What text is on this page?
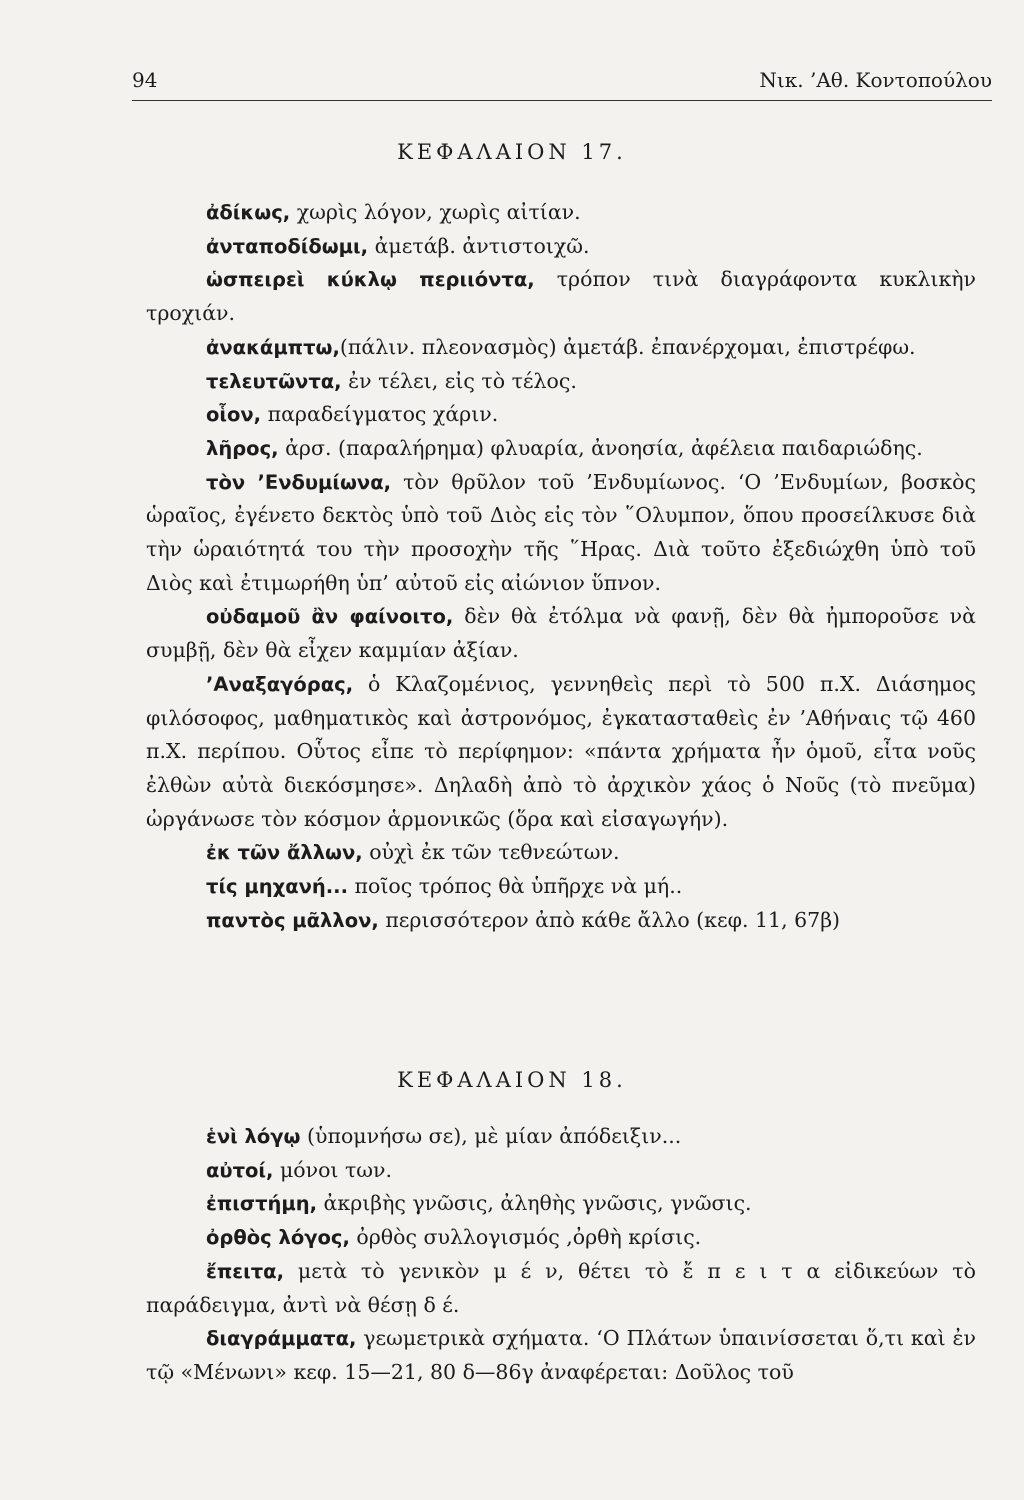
94	Νικ. ’Αθ. Κοντοπούλου
ΚΕΦΑΛΑΙΟΝ 17.
ἀδίκως, χωρὶς λόγον, χωρὶς αἰτίαν.
ἀνταποδίδωμι, ἀμετάβ. ἀντιστοιχῶ.
ὡσπειρεὶ κύκλῳ περιιόντα, τρόπον τινὰ διαγράφοντα κυκλικὴν τροχιάν.
ἀνακάμπτω,(πάλιν. πλεονασμὸς) ἀμετάβ. ἐπανέρχομαι, ἐπιστρέφω.
τελευτῶντα, ἐν τέλει, εἰς τὸ τέλος.
οἷον, παραδείγματος χάριν.
λῆρος, ἀρσ. (παραλήρημα) φλυαρία, ἀνοησία, ἀφέλεια παιδαριώδης.
τὸν ’Ενδυμίωνα, τὸν θρῦλον τοῦ ’Ενδυμίωνος. ‘Ο ’Ενδυμίων, βοσκὸς ὡραῖος, ἐγένετο δεκτὸς ὑπὸ τοῦ Διὸς εἰς τὸν ῞Ολυμπον, ὅπου προσείλκυσε διὰ τὴν ὡραιότητά του τὴν προσοχὴν τῆς ῞Ηρας. Διὰ τοῦτο ἐξεδιώχθη ὑπὸ τοῦ Διὸς καὶ ἐτιμωρήθη ὑπ’ αὐτοῦ εἰς αἰώνιον ὕπνον.
οὐδαμοῦ ἂν φαίνοιτο, δὲν θὰ ἐτόλμα νὰ φανῇ, δὲν θὰ ἠμποροῦσε νὰ συμβῇ, δὲν θὰ εἶχεν καμμίαν ἀξίαν.
’Αναξαγόρας, ὁ Κλαζομένιος, γεννηθεὶς περὶ τὸ 500 π.Χ. Διάσημος φιλόσοφος, μαθηματικὸς καὶ ἀστρονόμος, ἐγκατασταθεὶς ἐν ’Αθήναις τῷ 460 π.Χ. περίπου. Οὗτος εἶπε τὸ περίφημον: «πάντα χρήματα ἦν ὁμοῦ, εἶτα νοῦς ἐλθὼν αὐτὰ διεκόσμησε». Δηλαδὴ ἀπὸ τὸ ἀρχικὸν χάος ὁ Νοῦς (τὸ πνεῦμα) ὠργάνωσε τὸν κόσμον ἁρμονικῶς (ὅρα καὶ εἰσαγωγήν).
ἐκ τῶν ἄλλων, οὐχὶ ἐκ τῶν τεθνεώτων.
τίς μηχανή... ποῖος τρόπος θὰ ὑπῆρχε νὰ μή..
παντὸς μᾶλλον, περισσότερον ἀπὸ κάθε ἄλλο (κεφ. 11, 67β)
ΚΕΦΑΛΑΙΟΝ 18.
ἑνὶ λόγῳ (ὑπομνήσω σε), μὲ μίαν ἀπόδειξιν...
αὐτοί, μόνοι των.
ἐπιστήμη, ἀκριβὴς γνῶσις, ἀληθὴς γνῶσις, γνῶσις.
ὀρθὸς λόγος, ὀρθὸς συλλογισμός ,ὀρθὴ κρίσις.
ἔπειτα, μετὰ τὸ γενικὸν μ έ ν, θέτει τὸ ἔ π ε ι τ α εἰδικεύων τὸ παράδειγμα, ἀντὶ νὰ θέσῃ δ έ.
διαγράμματα, γεωμετρικὰ σχήματα. ‘Ο Πλάτων ὑπαινίσσεται ὅ,τι καὶ ἐν τῷ «Μένωνι» κεφ. 15—21, 80 δ—86γ ἀναφέρεται: Δοῦλος τοῦ
